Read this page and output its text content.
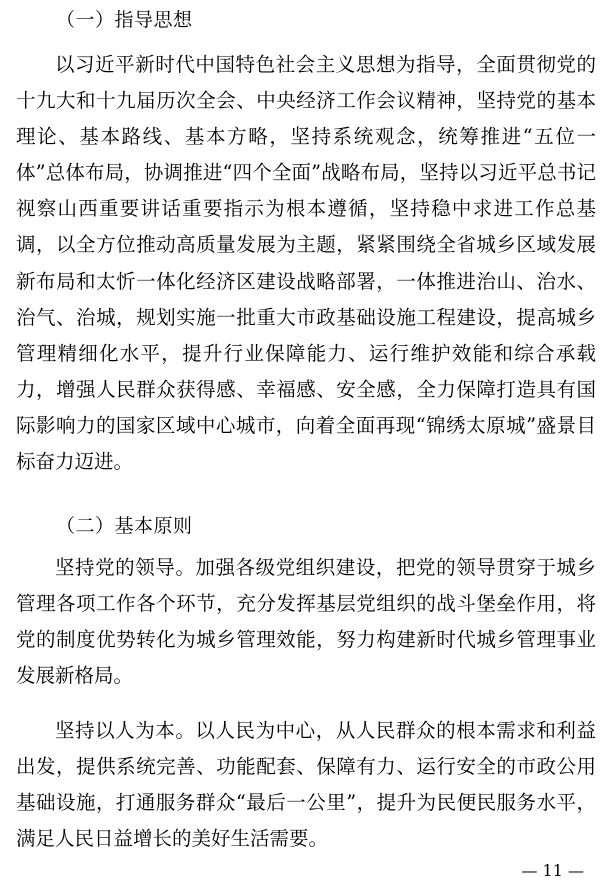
（一）指导思想

以习近平新时代中国特色社会主义思想为指导，全面贯彻党的十九大和十九届历次全会、中央经济工作会议精神，坚持党的基本理论、基本路线、基本方略，坚持系统观念，统筹推进“五位一体”总体布局，协调推进“四个全面”战略布局，坚持以习近平总书记视察山西重要讲话重要指示为根本遵循，坚持稳中求进工作总基调，以全方位推动高质量发展为主题，紧紧围绕全省城乡区域发展新布局和太忻一体化经济区建设战略部署，一体推进治山、治水、治气、治城，规划实施一批重大市政基础设施工程建设，提高城乡管理精细化水平，提升行业保障能力、运行维护效能和综合承载力，增强人民群众获得感、幸福感、安全感，全力保障打造具有国际影响力的国家区域中心城市，向着全面再现“锦绣太原城”盛景目标奋力迈进。

（二）基本原则

坚持党的领导。加强各级党组织建设，把党的领导贯穿于城乡管理各项工作各个环节，充分发挥基层党组织的战斗堡垒作用，将党的制度优势转化为城乡管理效能，努力构建新时代城乡管理事业发展新格局。

坚持以人为本。以人民为中心，从人民群众的根本需求和利益出发，提供系统完善、功能配套、保障有力、运行安全的市政公用基础设施，打通服务群众“最后一公里”，提升为民便民服务水平，满足人民日益增长的美好生活需要。

— 11 —
